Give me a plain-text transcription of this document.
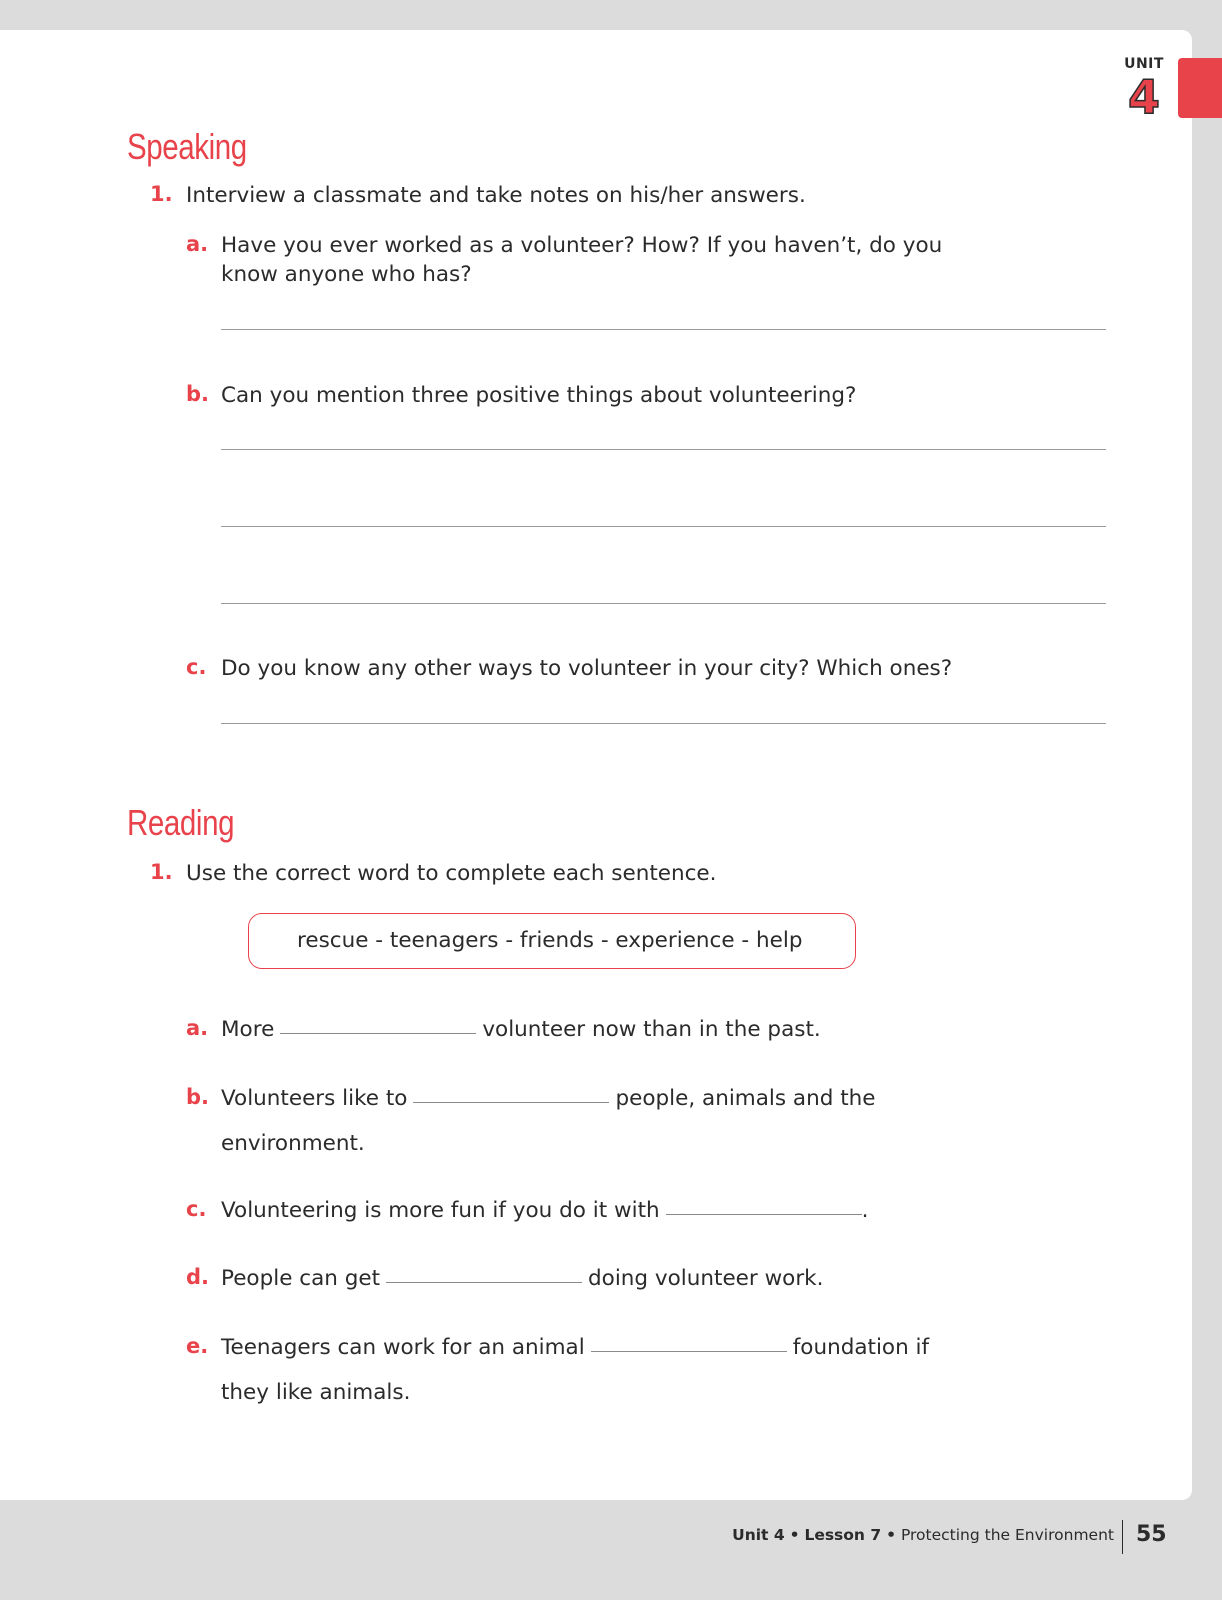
UNIT
4
Speaking
1. Interview a classmate and take notes on his/her answers.
a. Have you ever worked as a volunteer? How? If you haven’t, do you
know anyone who has?
b. Can you mention three positive things about volunteering?
c. Do you know any other ways to volunteer in your city? Which ones?
Reading
1. Use the correct word to complete each sentence.
rescue - teenagers - friends - experience - help
a. More	volunteer now than in the past.
b. Volunteers like to	people, animals and the
environment.
c. Volunteering is more fun if you do it with	.
d. People can get	doing volunteer work.
e. Teenagers can work for an animal	foundation if
they like animals.
Unit 4 • Lesson 7 • Protecting the Environment 55
